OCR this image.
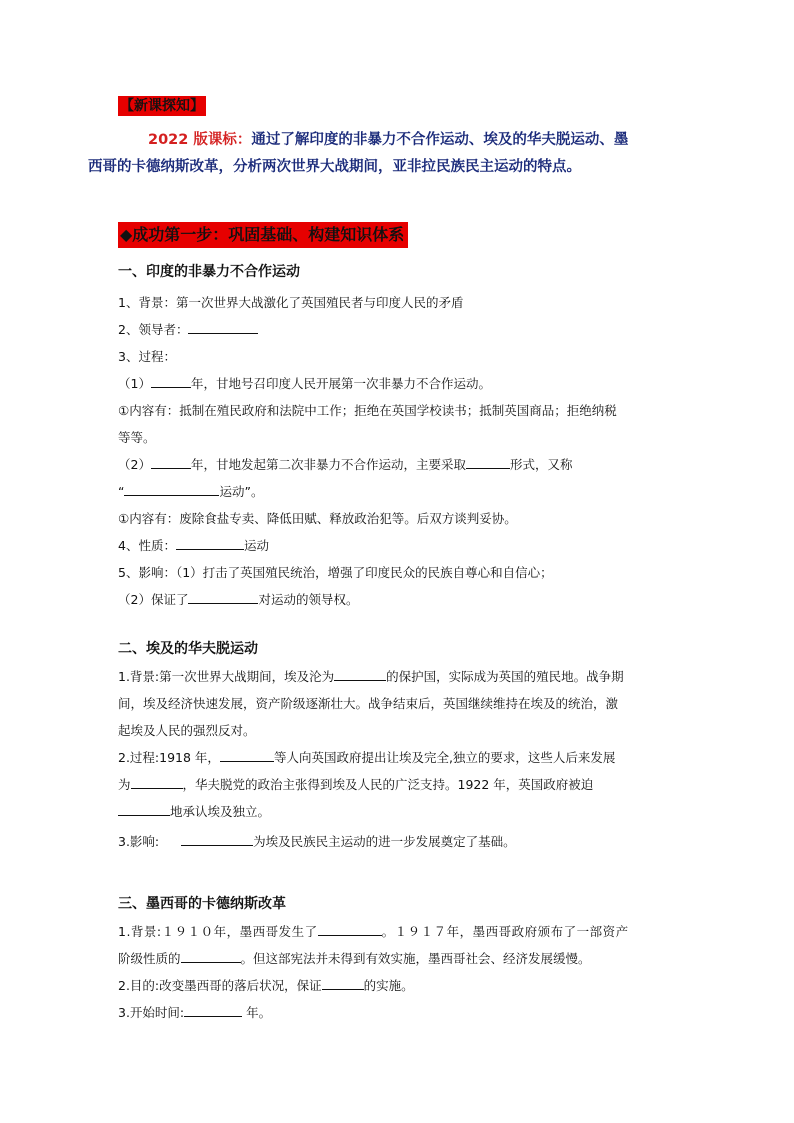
【新课探知】
2022 版课标：通过了解印度的非暴力不合作运动、埃及的华夫脱运动、墨
西哥的卡德纳斯改革，分析两次世界大战期间，亚非拉民族民主运动的特点。
◆成功第一步：巩固基础、构建知识体系
一、印度的非暴力不合作运动
1、背景：第一次世界大战激化了英国殖民者与印度人民的矛盾
2、领导者：
3、过程：
（1）	年，甘地号召印度人民开展第一次非暴力不合作运动。
①内容有：抵制在殖民政府和法院中工作；拒绝在英国学校读书；抵制英国商品；拒绝纳税
等等。
（2）	年，甘地发起第二次非暴力不合作运动，主要采取	形式，又称
“	运动”。
①内容有：废除食盐专卖、降低田赋、释放政治犯等。后双方谈判妥协。
4、性质：	运动
5、影响：（1）打击了英国殖民统治，增强了印度民众的民族自尊心和自信心；
（2）保证了	对运动的领导权。
二、埃及的华夫脱运动
1.背景:第一次世界大战期间，埃及沦为	的保护国，实际成为英国的殖民地。战争期
间，埃及经济快速发展，资产阶级逐渐壮大。战争结束后，英国继续维持在埃及的统治，激
起埃及人民的强烈反对。
2.过程:1918 年，	等人向英国政府提出让埃及完全,独立的要求，这些人后来发展
为	，华夫脱党的政治主张得到埃及人民的广泛支持。1922 年，英国政府被迫
地承认埃及独立。
3.影响:	为埃及民族民主运动的进一步发展奠定了基础。
三、墨西哥的卡德纳斯改革
1.背景:１９１０年，墨西哥发生了	。１９１７年，墨西哥政府颁布了一部资产
阶级性质的	。但这部宪法并未得到有效实施，墨西哥社会、经济发展缓慢。
2.目的:改变墨西哥的落后状况，保证	的实施。
3.开始时间:	年。
